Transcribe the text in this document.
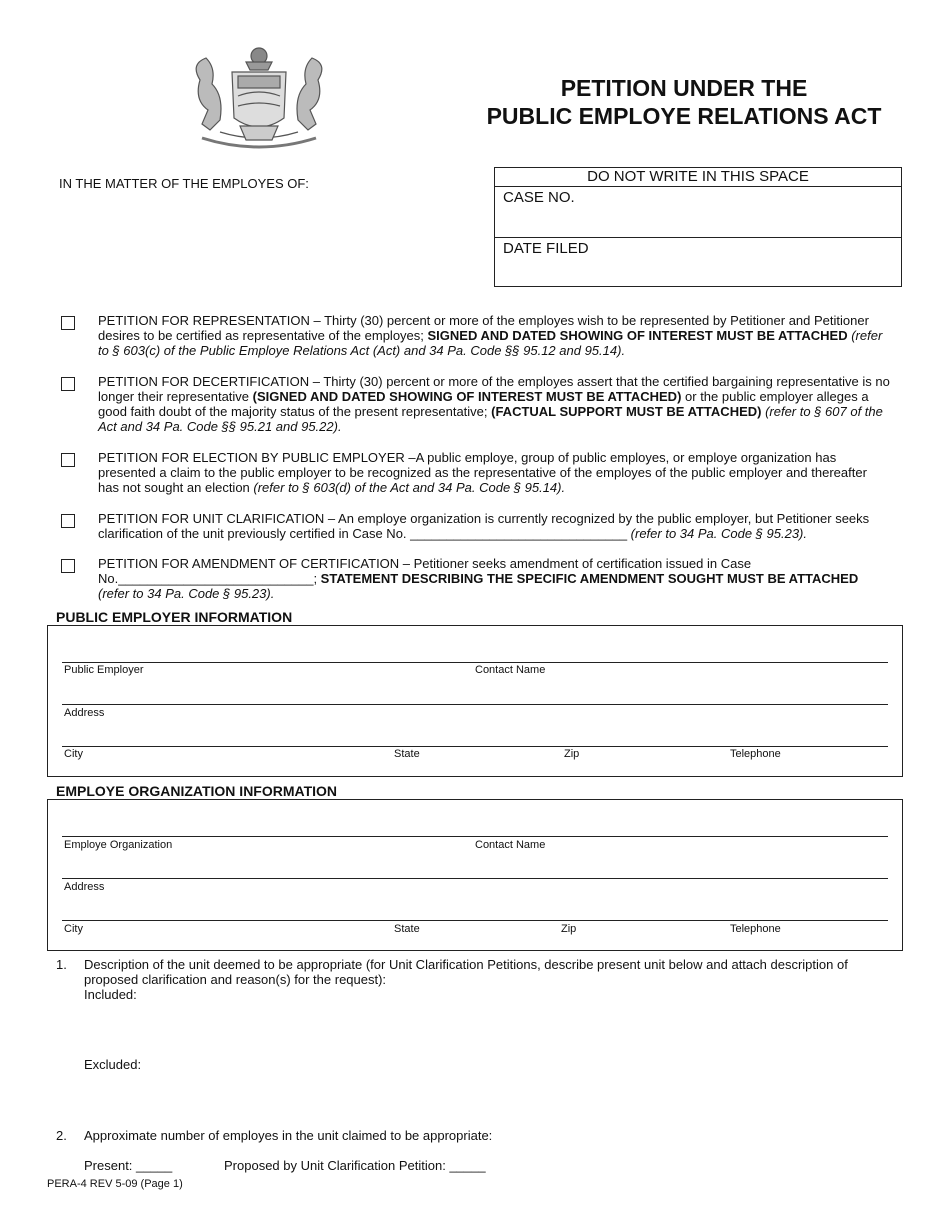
PETITION UNDER THE
PUBLIC EMPLOYE RELATIONS ACT
IN THE MATTER OF THE EMPLOYES OF:	DO NOT WRITE IN THIS SPACE
CASE NO.
DATE FILED
PETITION FOR REPRESENTATION – Thirty (30) percent or more of the employes wish to be represented by Petitioner and Petitioner desires to be certified as representative of the employes; SIGNED AND DATED SHOWING OF INTEREST MUST BE ATTACHED (refer to § 603(c) of the Public Employe Relations Act (Act) and 34 Pa. Code §§ 95.12 and 95.14).
PETITION FOR DECERTIFICATION – Thirty (30) percent or more of the employes assert that the certified bargaining representative is no longer their representative (SIGNED AND DATED SHOWING OF INTEREST MUST BE ATTACHED) or the public employer alleges a good faith doubt of the majority status of the present representative; (FACTUAL SUPPORT MUST BE ATTACHED) (refer to § 607 of the Act and 34 Pa. Code §§ 95.21 and 95.22).
PETITION FOR ELECTION BY PUBLIC EMPLOYER –A public employe, group of public employes, or employe organization has presented a claim to the public employer to be recognized as the representative of the employes of the public employer and thereafter has not sought an election (refer to § 603(d) of the Act and 34 Pa. Code § 95.14).
PETITION FOR UNIT CLARIFICATION – An employe organization is currently recognized by the public employer, but Petitioner seeks clarification of the unit previously certified in Case No. ______________________________ (refer to 34 Pa. Code § 95.23).
PETITION FOR AMENDMENT OF CERTIFICATION – Petitioner seeks amendment of certification issued in Case No.___________________________; STATEMENT DESCRIBING THE SPECIFIC AMENDMENT SOUGHT MUST BE ATTACHED (refer to 34 Pa. Code § 95.23).
PUBLIC EMPLOYER INFORMATION
Public Employer	Contact Name
Address
City	State	Zip	Telephone
EMPLOYE ORGANIZATION INFORMATION
Employe Organization	Contact Name
Address
City	State	Zip	Telephone
1. Description of the unit deemed to be appropriate (for Unit Clarification Petitions, describe present unit below and attach description of proposed clarification and reason(s) for the request):
Included:
Excluded:
2. Approximate number of employes in the unit claimed to be appropriate:
Present: _____	Proposed by Unit Clarification Petition: _____
PERA-4 REV 5-09 (Page 1)
